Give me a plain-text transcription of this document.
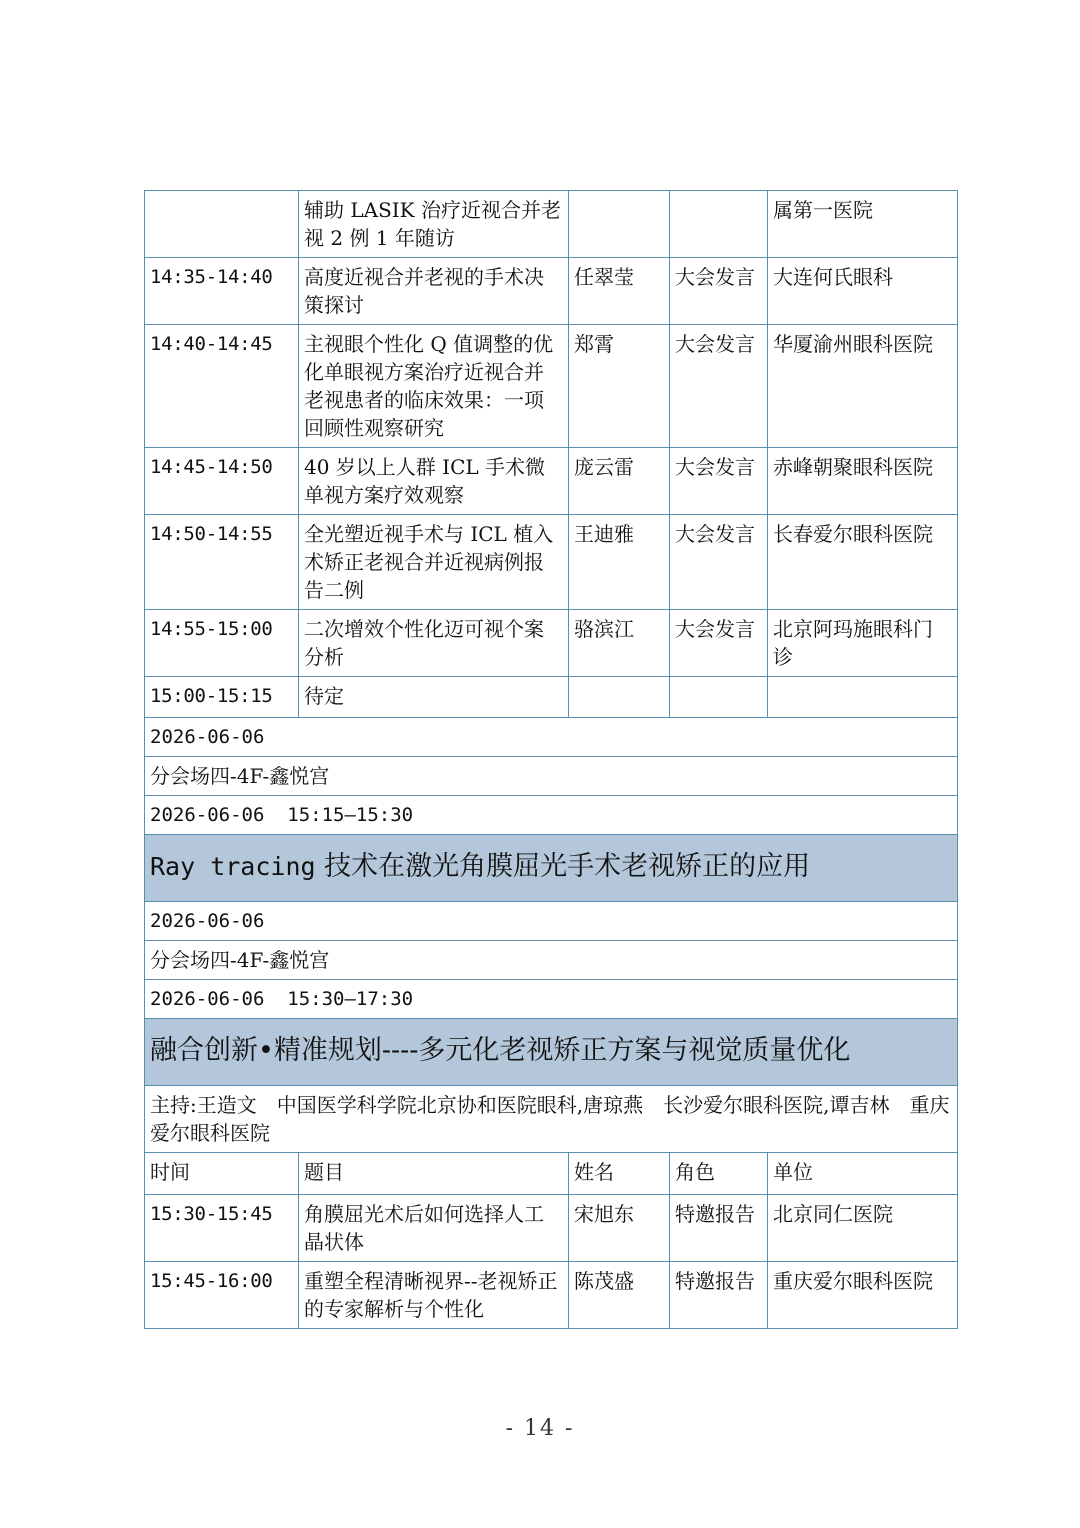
	辅助 LASIK 治疗近视合并老视 2 例 1 年随访			属第一医院
14:35-14:40	高度近视合并老视的手术决策探讨	任翠莹	大会发言	大连何氏眼科
14:40-14:45	主视眼个性化 Q 值调整的优化单眼视方案治疗近视合并老视患者的临床效果：一项回顾性观察研究	郑霄	大会发言	华厦渝州眼科医院
14:45-14:50	40 岁以上人群 ICL 手术微单视方案疗效观察	庞云雷	大会发言	赤峰朝聚眼科医院
14:50-14:55	全光塑近视手术与 ICL 植入术矫正老视合并近视病例报告二例	王迪雅	大会发言	长春爱尔眼科医院
14:55-15:00	二次增效个性化迈可视个案分析	骆滨江	大会发言	北京阿玛施眼科门诊
15:00-15:15	待定			
2026-06-06				
分会场四-4F-鑫悦宫				
2026-06-06  15:15—15:30				
Ray tracing 技术在激光角膜屈光手术老视矫正的应用				
2026-06-06				
分会场四-4F-鑫悦宫				
2026-06-06  15:30—17:30				
融合创新•精准规划----多元化老视矫正方案与视觉质量优化				
主持:王造文　中国医学科学院北京协和医院眼科,唐琼燕　长沙爱尔眼科医院,谭吉林　重庆爱尔眼科医院				
时间	题目	姓名	角色	单位
15:30-15:45	角膜屈光术后如何选择人工晶状体	宋旭东	特邀报告	北京同仁医院
15:45-16:00	重塑全程清晰视界--老视矫正的专家解析与个性化	陈茂盛	特邀报告	重庆爱尔眼科医院
- 14 -
